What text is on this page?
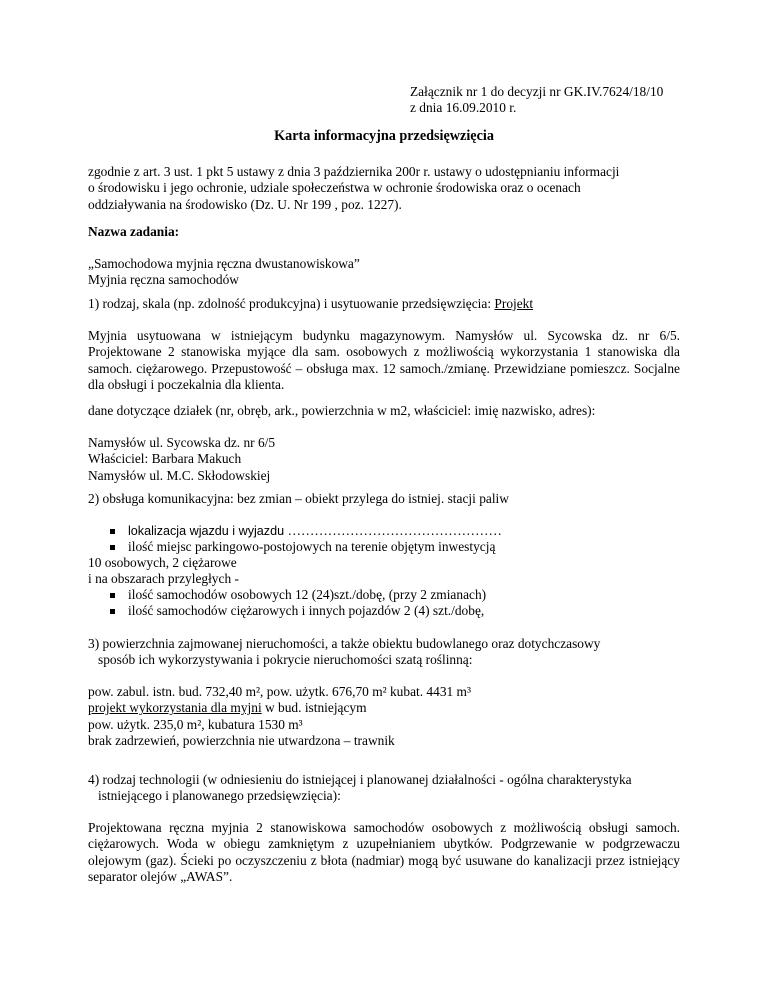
Załącznik nr 1 do decyzji nr GK.IV.7624/18/10
z dnia 16.09.2010 r.
Karta informacyjna przedsięwzięcia
zgodnie z art. 3 ust. 1 pkt 5 ustawy z dnia 3 października 200r r. ustawy o udostępnianiu informacji
o środowisku i jego ochronie, udziale społeczeństwa w ochronie środowiska oraz o ocenach
oddziaływania na środowisko (Dz. U. Nr 199 , poz. 1227).
Nazwa zadania:
„Samochodowa myjnia ręczna dwustanowiskowa”
Myjnia ręczna samochodów
1) rodzaj, skala (np. zdolność produkcyjna) i usytuowanie przedsięwzięcia: Projekt

Myjnia usytuowana w istniejącym budynku magazynowym. Namysłów ul. Sycowska dz. nr 6/5. Projektowane 2 stanowiska myjące dla sam. osobowych z możliwością wykorzystania 1 stanowiska dla samoch. ciężarowego. Przepustowość – obsługa max. 12 samoch./zmianę. Przewidziane pomieszcz. Socjalne dla obsługi i poczekalnia dla klienta.

dane dotyczące działek (nr, obręb, ark., powierzchnia w m2, właściciel: imię nazwisko, adres):
Namysłów ul. Sycowska dz. nr 6/5
Właściciel: Barbara Makuch
Namysłów ul. M.C. Skłodowskiej
2) obsługa komunikacyjna: bez zmian – obiekt przylega do istniej. stacji paliw
lokalizacja wjazdu i wyjazdu …………………………………………
ilość miejsc parkingowo-postojowych na terenie objętym inwestycją
10 osobowych, 2 ciężarowe
i na obszarach przyległych -
ilość samochodów osobowych 12 (24)szt./dobę, (przy 2 zmianach)
ilość samochodów ciężarowych i innych pojazdów 2 (4) szt./dobę,
3) powierzchnia zajmowanej nieruchomości, a także obiektu budowlanego oraz dotychczasowy
sposób ich wykorzystywania i pokrycie nieruchomości szatą roślinną:
pow. zabul. istn. bud. 732,40 m², pow. użytk. 676,70 m² kubat. 4431 m³
projekt wykorzystania dla myjni w bud. istniejącym
pow. użytk. 235,0 m², kubatura 1530 m³
brak zadrzewień, powierzchnia nie utwardzona – trawnik
4) rodzaj technologii (w odniesieniu do istniejącej i planowanej działalności - ogólna charakterystyka
istniejącego i planowanego przedsięwzięcia):

Projektowana ręczna myjnia 2 stanowiskowa samochodów osobowych z możliwością obsługi samoch. ciężarowych. Woda w obiegu zamkniętym z uzupełnianiem ubytków. Podgrzewanie w podgrzewaczu olejowym (gaz). Ścieki po oczyszczeniu z błota (nadmiar) mogą być usuwane do kanalizacji przez istniejący separator olejów „AWAS”.
